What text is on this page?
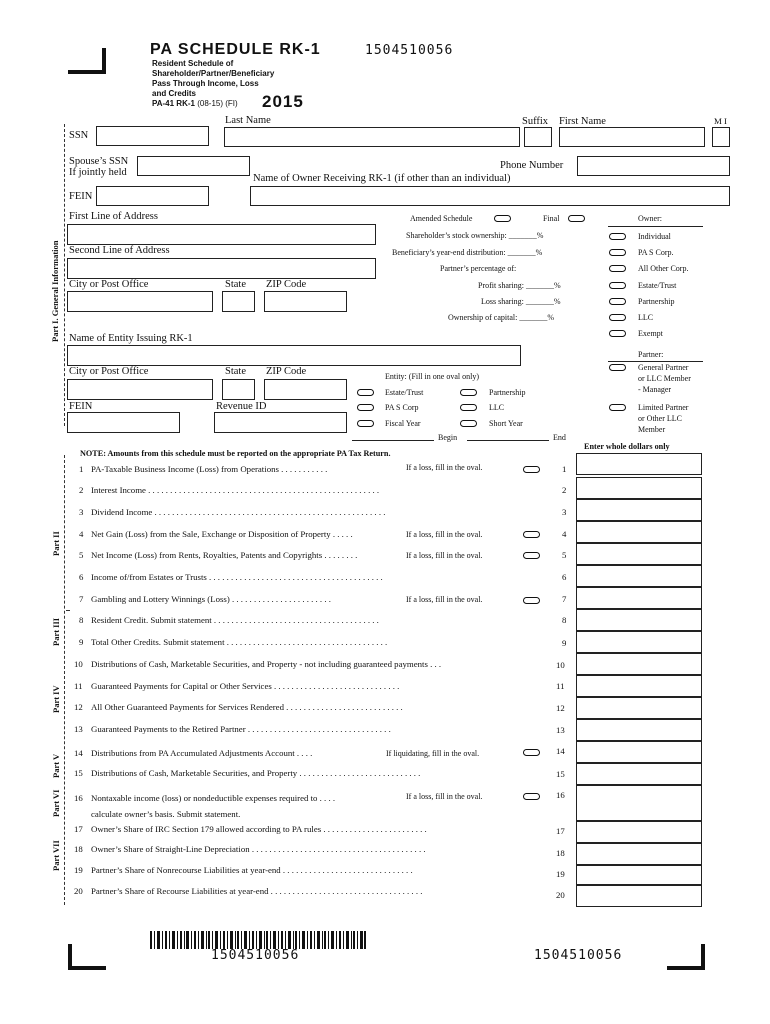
PA SCHEDULE RK-1	1504510056
Resident Schedule of
Shareholder/Partner/Beneficiary
Pass Through Income, Loss
and Credits
PA-41 RK-1 (08-15) (FI) 2015
Part I. General Information
Last Name	Suffix First Name	M I
SSN
Spouse’s SSN
If jointly held
Phone Number
Name of Owner Receiving RK-1 (if other than an individual)
FEIN
First Line of Address
Second Line of Address
City or Post Office	State ZIP Code
Amended Schedule	Final
Shareholder’s stock ownership: _______%
Beneficiary’s year-end distribution: _______%
Partner’s percentage of:
Profit sharing: _______%
Loss sharing: _______%
Ownership of capital: _______%
Owner:
Individual
PA S Corp.
All Other Corp.
Estate/Trust
Partnership
LLC
Exempt
Partner:
General Partner
or LLC Member
- Manager
Limited Partner
or Other LLC
Member
Name of Entity Issuing RK-1
City or Post Office	State ZIP Code
FEIN	Revenue ID
Entity: (Fill in one oval only)
Estate/Trust	Partnership
PA S Corp	LLC
Fiscal Year	Short Year
Begin	End
NOTE: Amounts from this schedule must be reported on the appropriate PA Tax Return.
Enter whole dollars only
Part II
Part III
Part IV
Part V
Part VI
Part VII
1 PA-Taxable Business Income (Loss) from Operations . . . . . . . . . . .	If a loss, fill in the oval.
2 Interest Income . . . . . . . . . . . . . . . . . . . . . . . . . . . . . . . . . . . . . . . . . . . . . . . . . . . . .
3 Dividend Income . . . . . . . . . . . . . . . . . . . . . . . . . . . . . . . . . . . . . . . . . . . . . . . . . . . . .
4 Net Gain (Loss) from the Sale, Exchange or Disposition of Property . . . . .	If a loss, fill in the oval.
5 Net Income (Loss) from Rents, Royalties, Patents and Copyrights . . . . . . . .	If a loss, fill in the oval.
6 Income of/from Estates or Trusts . . . . . . . . . . . . . . . . . . . . . . . . . . . . . . . . . . . . . . . .
7 Gambling and Lottery Winnings (Loss) . . . . . . . . . . . . . . . . . . . . . . .	If a loss, fill in the oval.
8 Resident Credit. Submit statement . . . . . . . . . . . . . . . . . . . . . . . . . . . . . . . . . . . . . .
9 Total Other Credits. Submit statement . . . . . . . . . . . . . . . . . . . . . . . . . . . . . . . . . . . . .
10 Distributions of Cash, Marketable Securities, and Property - not including guaranteed payments . . .
11 Guaranteed Payments for Capital or Other Services . . . . . . . . . . . . . . . . . . . . . . . . . . . . .
12 All Other Guaranteed Payments for Services Rendered . . . . . . . . . . . . . . . . . . . . . . . . . . .
13 Guaranteed Payments to the Retired Partner . . . . . . . . . . . . . . . . . . . . . . . . . . . . . . . . .
14 Distributions from PA Accumulated Adjustments Account . . . .	If liquidating, fill in the oval.
15 Distributions of Cash, Marketable Securities, and Property . . . . . . . . . . . . . . . . . . . . . . . . . . . .
16 Nontaxable income (loss) or nondeductible expenses required to . . . .	If a loss, fill in the oval.
calculate owner’s basis. Submit statement.
17 Owner’s Share of IRC Section 179 allowed according to PA rules . . . . . . . . . . . . . . . . . . . . . . . .
18 Owner’s Share of Straight-Line Depreciation . . . . . . . . . . . . . . . . . . . . . . . . . . . . . . . . . . . . . . . .
19 Partner’s Share of Nonrecourse Liabilities at year-end . . . . . . . . . . . . . . . . . . . . . . . . . . . . . .
20 Partner’s Share of Recourse Liabilities at year-end . . . . . . . . . . . . . . . . . . . . . . . . . . . . . . . . . . .
1
2
3
4
5
6
7
8
9
10
11
12
13
14
15
16
17
18
19
20
1504510056	1504510056
